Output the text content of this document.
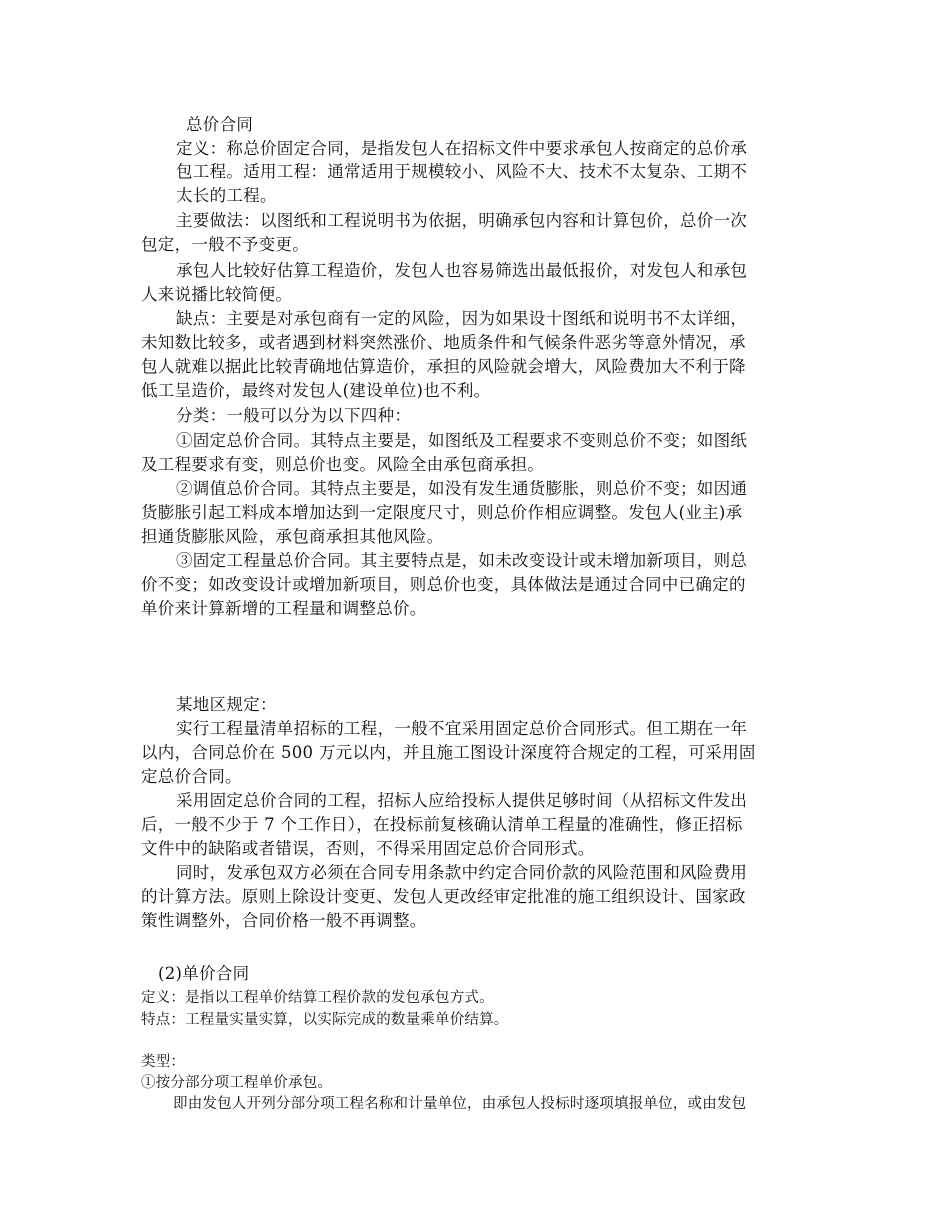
总价合同
定义：称总价固定合同，是指发包人在招标文件中要求承包人按商定的总价承
包工程。适用工程：通常适用于规模较小、风险不大、技术不太复杂、工期不
太长的工程。
主要做法：以图纸和工程说明书为依据，明确承包内容和计算包价，总价一次
包定，一般不予变更。
承包人比较好估算工程造价，发包人也容易筛选出最低报价，对发包人和承包
人来说播比较简便。
缺点：主要是对承包商有一定的风险，因为如果设十图纸和说明书不太详细，
未知数比较多，或者遇到材料突然涨价、地质条件和气候条件恶劣等意外情况，承
包人就难以据此比较青确地估算造价，承担的风险就会增大，风险费加大不利于降
低工呈造价，最终对发包人(建设单位)也不利。
分类：一般可以分为以下四种：
①固定总价合同。其特点主要是，如图纸及工程要求不变则总价不变；如图纸
及工程要求有变，则总价也变。风险全由承包商承担。
②调值总价合同。其特点主要是，如没有发生通货膨胀，则总价不变；如因通
货膨胀引起工料成本增加达到一定限度尺寸，则总价作相应调整。发包人(业主)承
担通货膨胀风险，承包商承担其他风险。
③固定工程量总价合同。其主要特点是，如未改变设计或未增加新项目，则总
价不变；如改变设计或增加新项目，则总价也变，具体做法是通过合同中已确定的
单价来计算新增的工程量和调整总价。
某地区规定：
实行工程量清单招标的工程，一般不宜采用固定总价合同形式。但工期在一年
以内，合同总价在 500 万元以内，并且施工图设计深度符合规定的工程，可采用固
定总价合同。
采用固定总价合同的工程，招标人应给投标人提供足够时间（从招标文件发出
后，一般不少于 7 个工作日），在投标前复核确认清单工程量的准确性，修正招标
文件中的缺陷或者错误，否则，不得采用固定总价合同形式。
同时，发承包双方必须在合同专用条款中约定合同价款的风险范围和风险费用
的计算方法。原则上除设计变更、发包人更改经审定批准的施工组织设计、国家政
策性调整外，合同价格一般不再调整。
(2)单价合同
定义：是指以工程单价结算工程价款的发包承包方式。
特点：工程量实量实算，以实际完成的数量乘单价结算。
类型：
①按分部分项工程单价承包。
即由发包人开列分部分项工程名称和计量单位，由承包人投标时逐项填报单位，或由发包
